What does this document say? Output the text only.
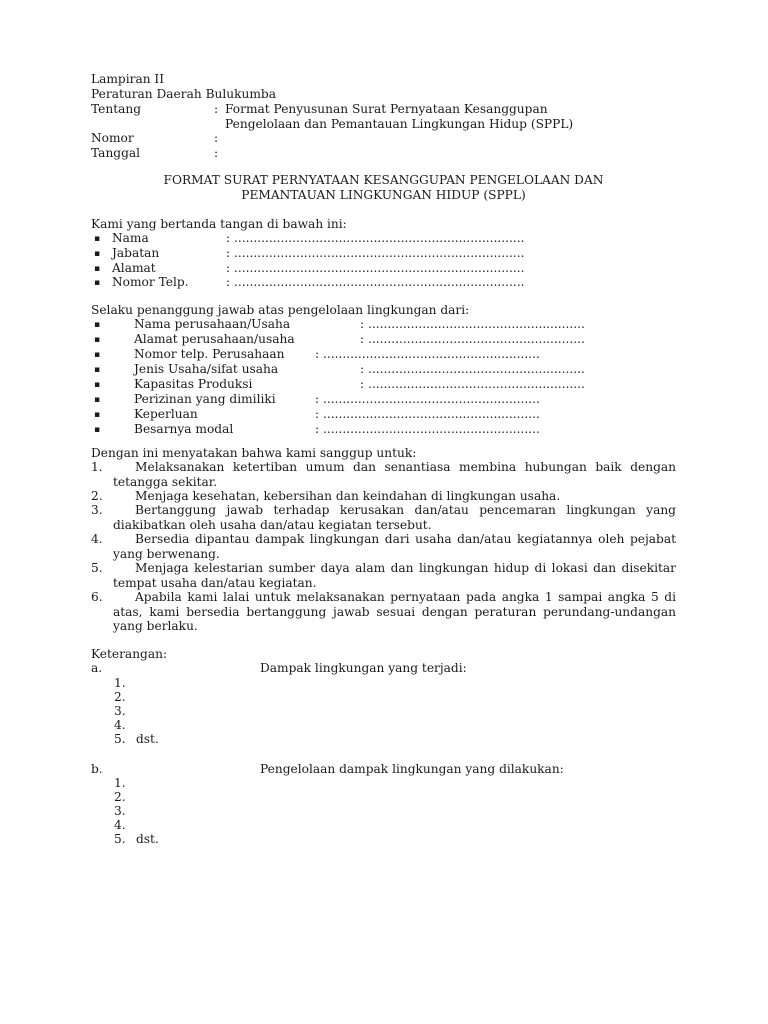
Lampiran II
Peraturan Daerah Bulukumba
Tentang	: Format Penyusunan Surat Pernyataan Kesanggupan
Pengelolaan dan Pemantauan Lingkungan Hidup (SPPL)
Nomor	:
Tanggal	:
FORMAT SURAT PERNYATAAN KESANGGUPAN PENGELOLAAN DAN
PEMANTAUAN LINGKUNGAN HIDUP (SPPL)
Kami yang bertanda tangan di bawah ini:
▪ Nama	: ...........................................................................
▪ Jabatan	: ...........................................................................
▪ Alamat	: ...........................................................................
▪ Nomor Telp.	: ...........................................................................
Selaku penanggung jawab atas pengelolaan lingkungan dari:
▪	Nama perusahaan/Usaha	: ........................................................
▪	Alamat perusahaan/usaha	: ........................................................
▪	Nomor telp. Perusahaan	: ........................................................
▪	Jenis Usaha/sifat usaha	: ........................................................
▪	Kapasitas Produksi	: ........................................................
▪	Perizinan yang dimiliki	: ........................................................
▪	Keperluan	: ........................................................
▪	Besarnya modal	: ........................................................
Dengan ini menyatakan bahwa kami sanggup untuk:
1.	Melaksanakan ketertiban umum dan senantiasa membina hubungan baik dengan tetangga sekitar.
2.	Menjaga kesehatan, kebersihan dan keindahan di lingkungan usaha.
3.	Bertanggung jawab terhadap kerusakan dan/atau pencemaran lingkungan yang diakibatkan oleh usaha dan/atau kegiatan tersebut.
4.	Bersedia dipantau dampak lingkungan dari usaha dan/atau kegiatannya oleh pejabat yang berwenang.
5.	Menjaga kelestarian sumber daya alam dan lingkungan hidup di lokasi dan disekitar tempat usaha dan/atau kegiatan.
6.	Apabila kami lalai untuk melaksanakan pernyataan pada angka 1 sampai angka 5 di atas, kami bersedia bertanggung jawab sesuai dengan peraturan perundang-undangan yang berlaku.
Keterangan:
a.	Dampak lingkungan yang terjadi:
1.
2.
3.
4.
5. dst.
b.	Pengelolaan dampak lingkungan yang dilakukan:
1.
2.
3.
4.
5. dst.
